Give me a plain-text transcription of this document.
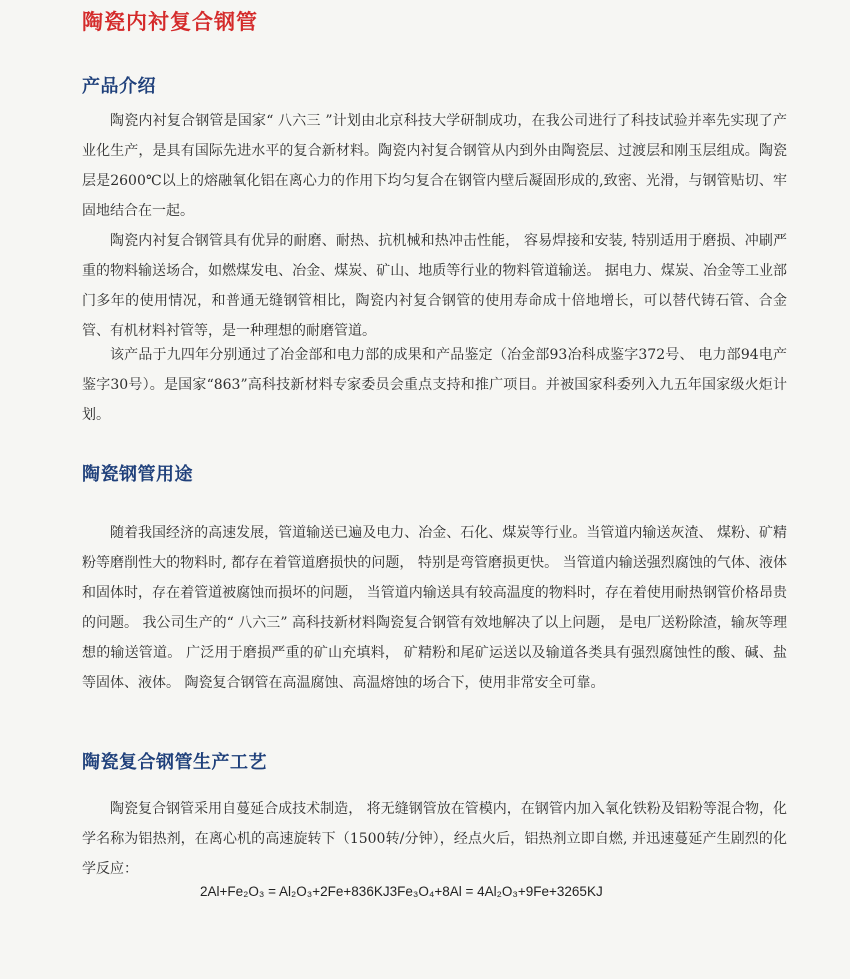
陶瓷内衬复合钢管
产品介绍

陶瓷内衬复合钢管是国家“ 八六三 ”计划由北京科技大学研制成功，在我公司进行了科技试验并率先实现了产业化生产，是具有国际先进水平的复合新材料。陶瓷内衬复合钢管从内到外由陶瓷层、过渡层和刚玉层组成。陶瓷层是2600℃以上的熔融氧化铝在离心力的作用下均匀复合在钢管内壁后凝固形成的,致密、光滑，与钢管贴切、牢固地结合在一起。

陶瓷内衬复合钢管具有优异的耐磨、耐热、抗机械和热冲击性能， 容易焊接和安装, 特别适用于磨损、冲刷严重的物料输送场合，如燃煤发电、冶金、煤炭、矿山、地质等行业的物料管道输送。 据电力、煤炭、冶金等工业部门多年的使用情况，和普通无缝钢管相比，陶瓷内衬复合钢管的使用寿命成十倍地增长，可以替代铸石管、合金管、有机材料衬管等，是一种理想的耐磨管道。

该产品于九四年分别通过了冶金部和电力部的成果和产品鉴定（冶金部93冶科成鉴字372号、 电力部94电产鉴字30号）。是国家“863”高科技新材料专家委员会重点支持和推广项目。并被国家科委列入九五年国家级火炬计划。

陶瓷钢管用途

随着我国经济的高速发展，管道输送已遍及电力、冶金、石化、煤炭等行业。当管道内输送灰渣、 煤粉、矿精粉等磨削性大的物料时, 都存在着管道磨损快的问题， 特别是弯管磨损更快。 当管道内输送强烈腐蚀的气体、液体和固体时，存在着管道被腐蚀而损坏的问题， 当管道内输送具有较高温度的物料时，存在着使用耐热钢管价格昂贵的问题。 我公司生产的“ 八六三” 高科技新材料陶瓷复合钢管有效地解决了以上问题， 是电厂送粉除渣，输灰等理想的输送管道。 广泛用于磨损严重的矿山充填料， 矿精粉和尾矿运送以及输道各类具有强烈腐蚀性的酸、碱、盐等固体、液体。 陶瓷复合钢管在高温腐蚀、高温熔蚀的场合下，使用非常安全可靠。

陶瓷复合钢管生产工艺

陶瓷复合钢管采用自蔓延合成技术制造， 将无缝钢管放在管模内，在钢管内加入氧化铁粉及铝粉等混合物，化学名称为铝热剂，在离心机的高速旋转下（1500转/分钟），经点火后，铝热剂立即自燃, 并迅速蔓延产生剧烈的化学反应：

2Al+Fe₂O₃ = Al₂O₃+2Fe+836KJ3Fe₃O₄+8Al = 4Al₂O₃+9Fe+3265KJ
